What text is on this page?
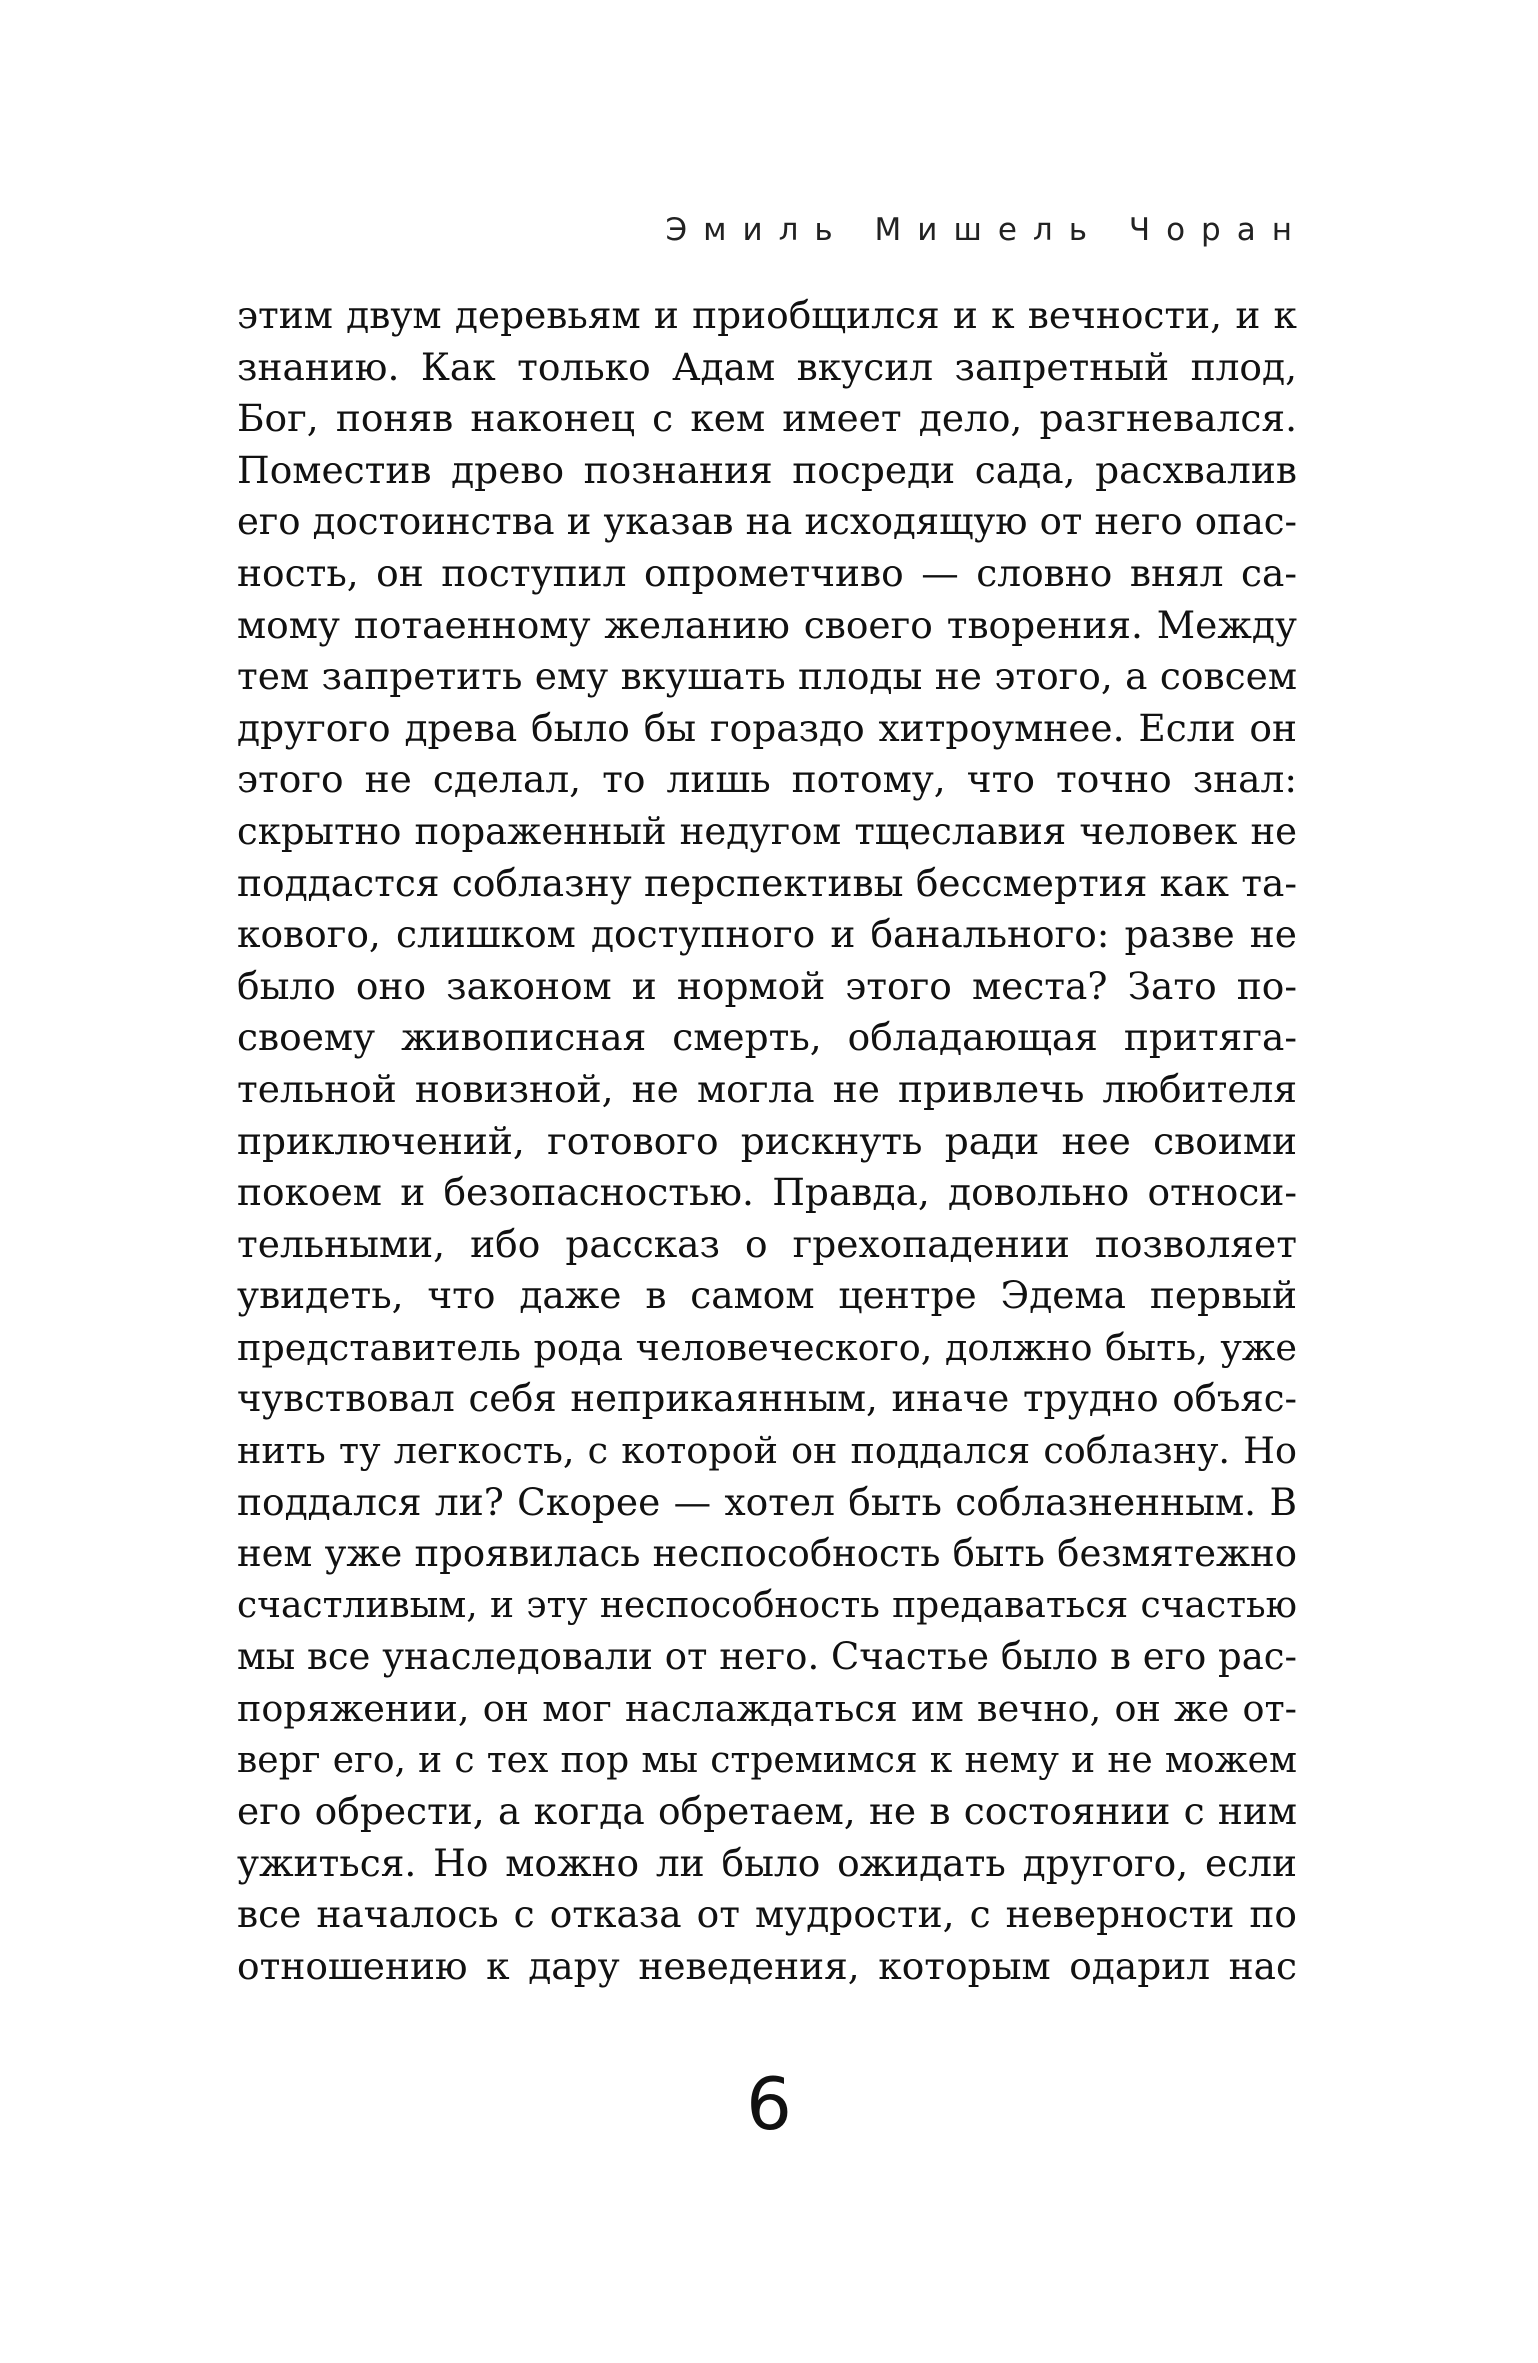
Эмиль Мишель Чоран
этим двум деревьям и приобщился и к вечности, и к
знанию. Как только Адам вкусил запретный плод,
Бог, поняв наконец с кем имеет дело, разгневался.
Поместив древо познания посреди сада, расхвалив
его достоинства и указав на исходящую от него опас-
ность, он поступил опрометчиво — словно внял са-
мому потаенному желанию своего творения. Между
тем запретить ему вкушать плоды не этого, а совсем
другого древа было бы гораздо хитроумнее. Если он
этого не сделал, то лишь потому, что точно знал:
скрытно пораженный недугом тщеславия человек не
поддастся соблазну перспективы бессмертия как та-
кового, слишком доступного и банального: разве не
было оно законом и нормой этого места? Зато по-
своему живописная смерть, обладающая притяга-
тельной новизной, не могла не привлечь любителя
приключений, готового рискнуть ради нее своими
покоем и безопасностью. Правда, довольно относи-
тельными, ибо рассказ о грехопадении позволяет
увидеть, что даже в самом центре Эдема первый
представитель рода человеческого, должно быть, уже
чувствовал себя неприкаянным, иначе трудно объяс-
нить ту легкость, с которой он поддался соблазну. Но
поддался ли? Скорее — хотел быть соблазненным. В
нем уже проявилась неспособность быть безмятежно
счастливым, и эту неспособность предаваться счастью
мы все унаследовали от него. Счастье было в его рас-
поряжении, он мог наслаждаться им вечно, он же от-
верг его, и с тех пор мы стремимся к нему и не можем
его обрести, а когда обретаем, не в состоянии с ним
ужиться. Но можно ли было ожидать другого, если
все началось с отказа от мудрости, с неверности по
отношению к дару неведения, которым одарил нас
6
